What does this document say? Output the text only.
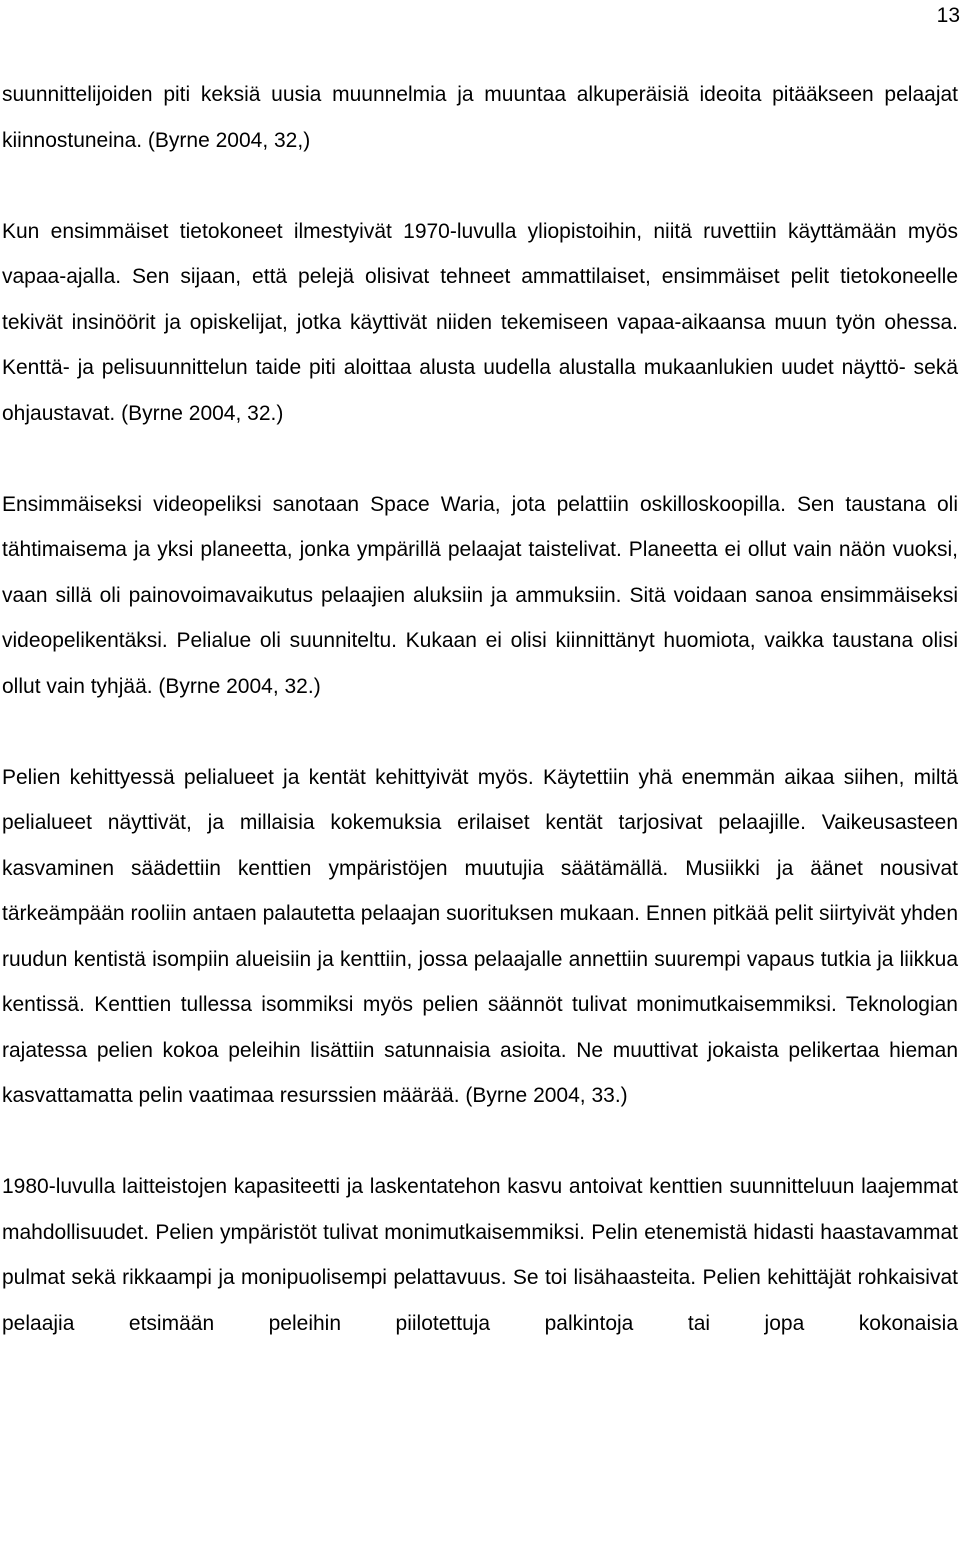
13

suunnittelijoiden piti keksiä uusia muunnelmia ja muuntaa alkuperäisiä ideoita pitääkseen pelaajat kiinnostuneina. (Byrne 2004, 32,)

Kun ensimmäiset tietokoneet ilmestyivät 1970-luvulla yliopistoihin, niitä ruvettiin käyttämään myös vapaa-ajalla. Sen sijaan, että pelejä olisivat tehneet ammattilaiset, ensimmäiset pelit tietokoneelle tekivät insinöörit ja opiskelijat, jotka käyttivät niiden tekemiseen vapaa-aikaansa muun työn ohessa. Kenttä- ja pelisuunnittelun taide piti aloittaa alusta uudella alustalla mukaanlukien uudet näyttö- sekä ohjaustavat. (Byrne 2004, 32.)

Ensimmäiseksi videopeliksi sanotaan Space Waria, jota pelattiin oskilloskoopilla. Sen taustana oli tähtimaisema ja yksi planeetta, jonka ympärillä pelaajat taistelivat. Planeetta ei ollut vain näön vuoksi, vaan sillä oli painovoimavaikutus pelaajien aluksiin ja ammuksiin. Sitä voidaan sanoa ensimmäiseksi videopelikentäksi. Pelialue oli suunniteltu. Kukaan ei olisi kiinnittänyt huomiota, vaikka taustana olisi ollut vain tyhjää. (Byrne 2004, 32.)

Pelien kehittyessä pelialueet ja kentät kehittyivät myös. Käytettiin yhä enemmän aikaa siihen, miltä pelialueet näyttivät, ja millaisia kokemuksia erilaiset kentät tarjosivat pelaajille. Vaikeusasteen kasvaminen säädettiin kenttien ympäristöjen muutujia säätämällä. Musiikki ja äänet nousivat tärkeämpään rooliin antaen palautetta pelaajan suorituksen mukaan. Ennen pitkää pelit siirtyivät yhden ruudun kentistä isompiin alueisiin ja kenttiin, jossa pelaajalle annettiin suurempi vapaus tutkia ja liikkua kentissä. Kenttien tullessa isommiksi myös pelien säännöt tulivat monimutkaisemmiksi. Teknologian rajatessa pelien kokoa peleihin lisättiin satunnaisia asioita. Ne muuttivat jokaista pelikertaa hieman kasvattamatta pelin vaatimaa resurssien määrää. (Byrne 2004, 33.)

1980-luvulla laitteistojen kapasiteetti ja laskentatehon kasvu antoivat kenttien suunnitteluun laajemmat mahdollisuudet. Pelien ympäristöt tulivat monimutkaisemmiksi. Pelin etenemistä hidasti haastavammat pulmat sekä rikkaampi ja monipuolisempi pelattavuus. Se toi lisähaasteita. Pelien kehittäjät rohkaisivat pelaajia etsimään peleihin piilotettuja palkintoja tai jopa kokonaisia
